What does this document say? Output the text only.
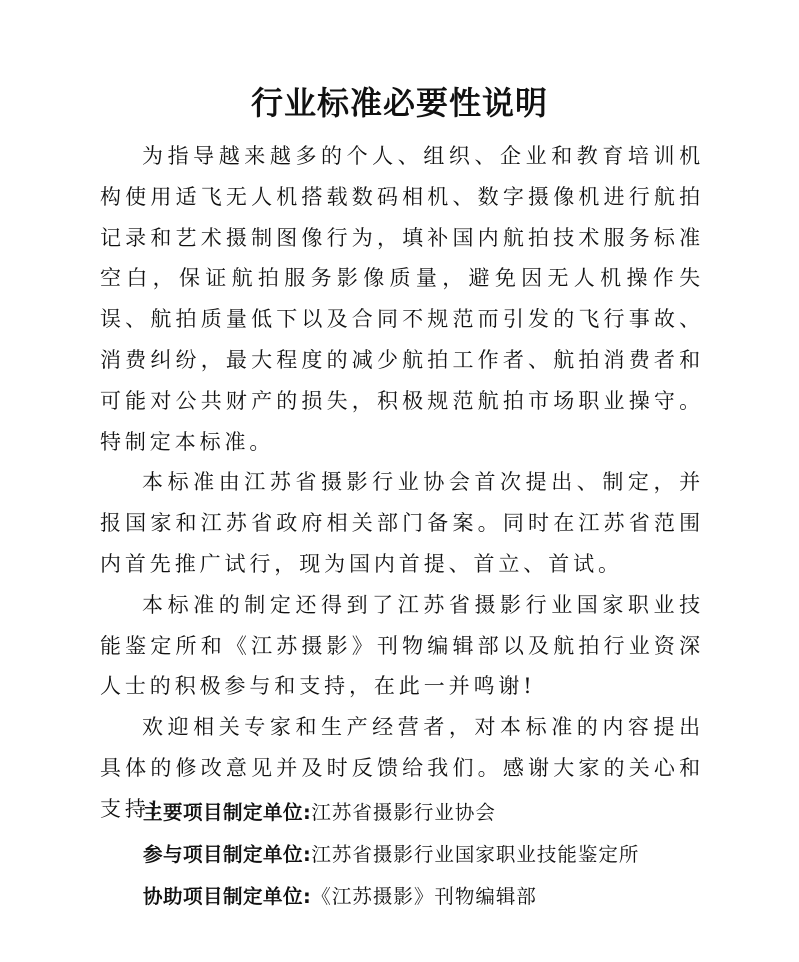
行业标准必要性说明

为指导越来越多的个人、组织、企业和教育培训机构使用适飞无人机搭载数码相机、数字摄像机进行航拍记录和艺术摄制图像行为，填补国内航拍技术服务标准空白，保证航拍服务影像质量，避免因无人机操作失误、航拍质量低下以及合同不规范而引发的飞行事故、消费纠纷，最大程度的减少航拍工作者、航拍消费者和可能对公共财产的损失，积极规范航拍市场职业操守。特制定本标准。

本标准由江苏省摄影行业协会首次提出、制定，并报国家和江苏省政府相关部门备案。同时在江苏省范围内首先推广试行，现为国内首提、首立、首试。

本标准的制定还得到了江苏省摄影行业国家职业技能鉴定所和《江苏摄影》刊物编辑部以及航拍行业资深人士的积极参与和支持，在此一并鸣谢!

欢迎相关专家和生产经营者，对本标准的内容提出具体的修改意见并及时反馈给我们。感谢大家的关心和支持!

主要项目制定单位:江苏省摄影行业协会
参与项目制定单位:江苏省摄影行业国家职业技能鉴定所
协助项目制定单位:《江苏摄影》刊物编辑部
